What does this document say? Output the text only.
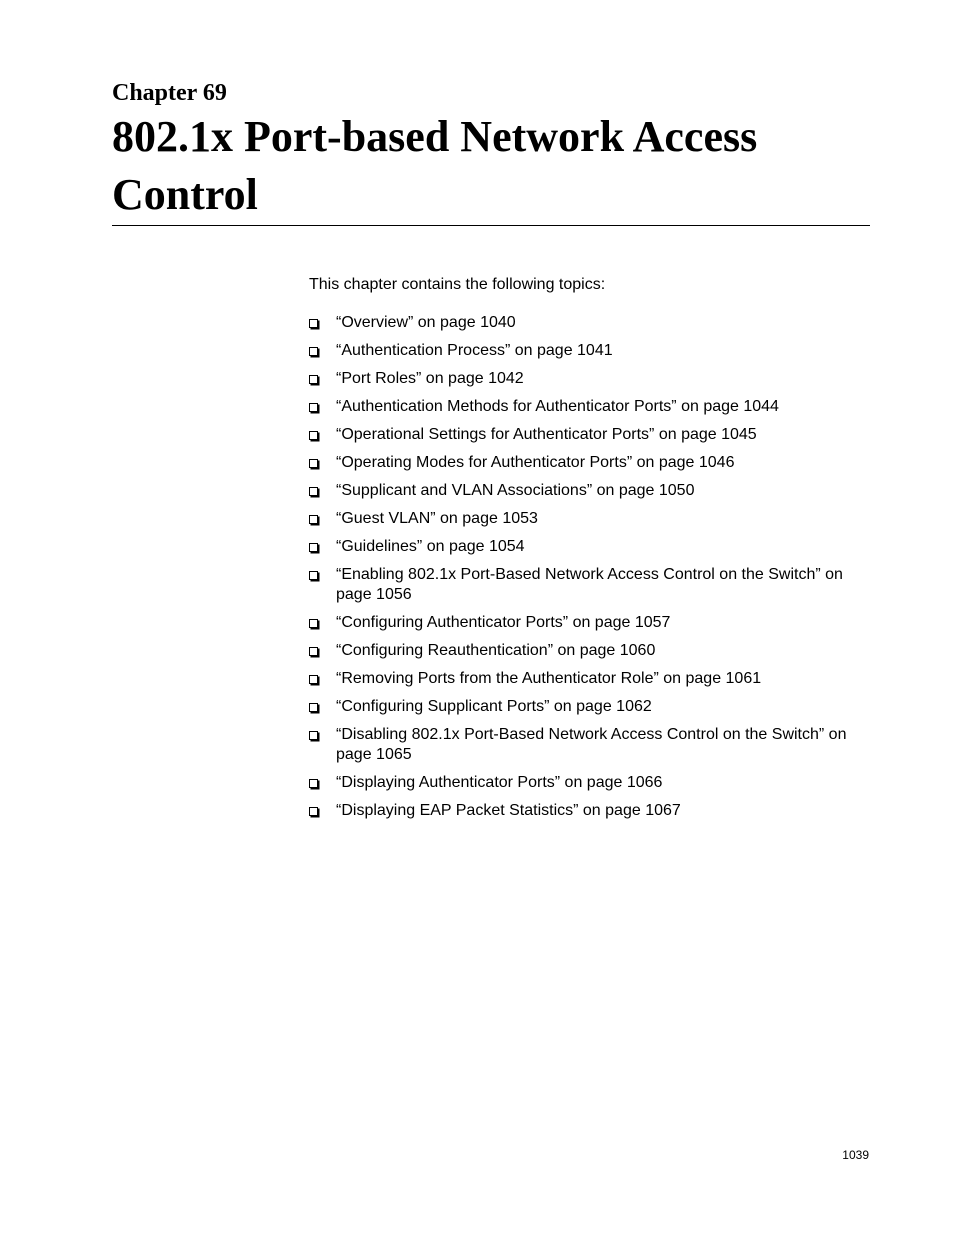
Chapter 69
802.1x Port-based Network Access Control

This chapter contains the following topics:

“Overview” on page 1040
“Authentication Process” on page 1041
“Port Roles” on page 1042
“Authentication Methods for Authenticator Ports” on page 1044
“Operational Settings for Authenticator Ports” on page 1045
“Operating Modes for Authenticator Ports” on page 1046
“Supplicant and VLAN Associations” on page 1050
“Guest VLAN” on page 1053
“Guidelines” on page 1054
“Enabling 802.1x Port-Based Network Access Control on the Switch” on page 1056
“Configuring Authenticator Ports” on page 1057
“Configuring Reauthentication” on page 1060
“Removing Ports from the Authenticator Role” on page 1061
“Configuring Supplicant Ports” on page 1062
“Disabling 802.1x Port-Based Network Access Control on the Switch” on page 1065
“Displaying Authenticator Ports” on page 1066
“Displaying EAP Packet Statistics” on page 1067
1039
